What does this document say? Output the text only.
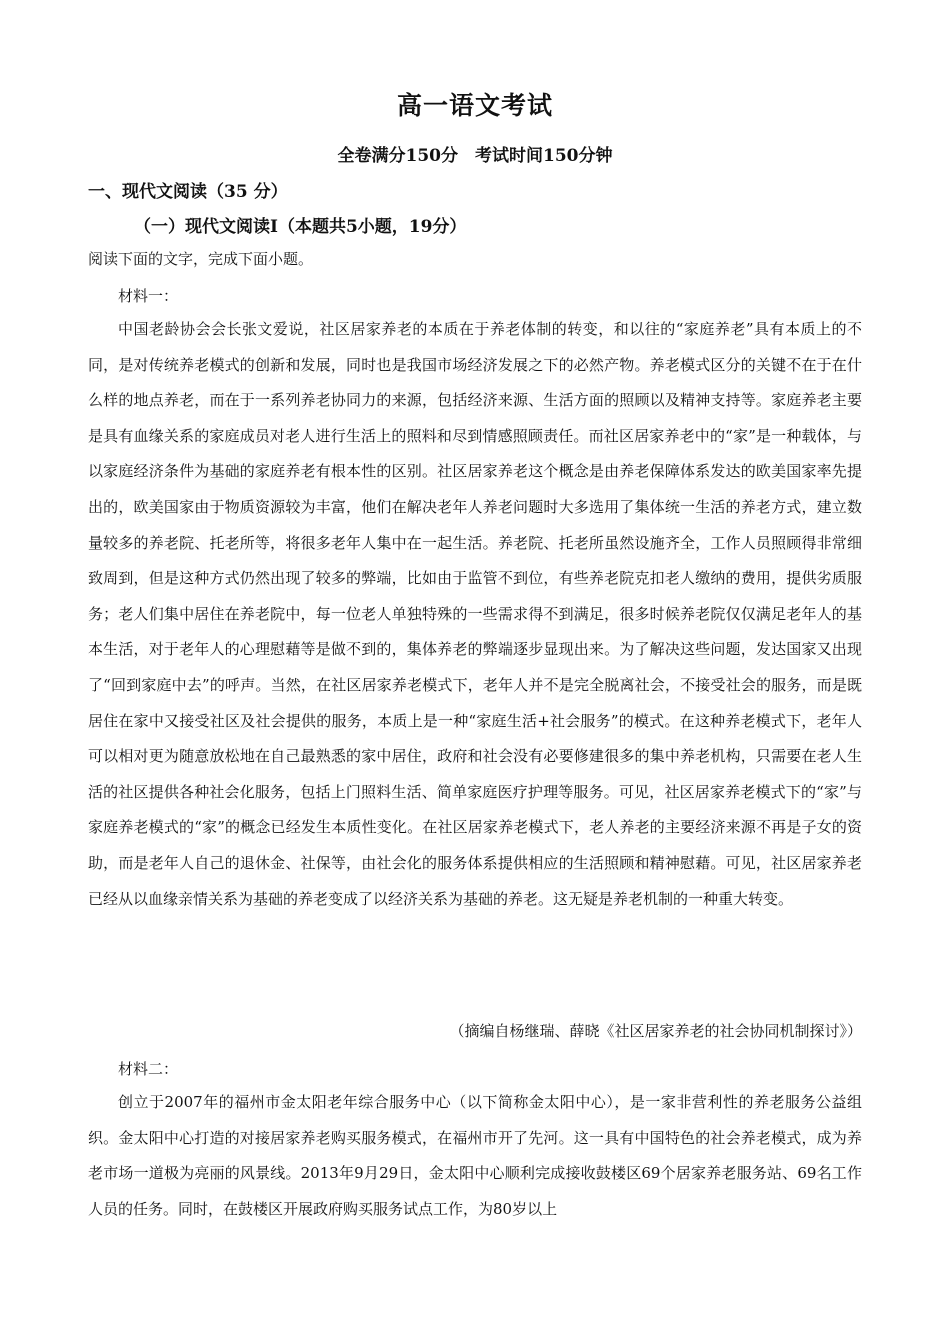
高一语文考试
全卷满分150分　考试时间150分钟
一、现代文阅读（35 分）
（一）现代文阅读Ⅰ（本题共5小题，19分）
阅读下面的文字，完成下面小题。
材料一：

中国老龄协会会长张文爱说，社区居家养老的本质在于养老体制的转变，和以往的“家庭养老”具有本质上的不同，是对传统养老模式的创新和发展，同时也是我国市场经济发展之下的必然产物。养老模式区分的关键不在于在什么样的地点养老，而在于一系列养老协同力的来源，包括经济来源、生活方面的照顾以及精神支持等。家庭养老主要是具有血缘关系的家庭成员对老人进行生活上的照料和尽到情感照顾责任。而社区居家养老中的“家”是一种载体，与以家庭经济条件为基础的家庭养老有根本性的区别。社区居家养老这个概念是由养老保障体系发达的欧美国家率先提出的，欧美国家由于物质资源较为丰富，他们在解决老年人养老问题时大多选用了集体统一生活的养老方式，建立数量较多的养老院、托老所等，将很多老年人集中在一起生活。养老院、托老所虽然设施齐全，工作人员照顾得非常细致周到，但是这种方式仍然出现了较多的弊端，比如由于监管不到位，有些养老院克扣老人缴纳的费用，提供劣质服务；老人们集中居住在养老院中，每一位老人单独特殊的一些需求得不到满足，很多时候养老院仅仅满足老年人的基本生活，对于老年人的心理慰藉等是做不到的，集体养老的弊端逐步显现出来。为了解决这些问题，发达国家又出现了“回到家庭中去”的呼声。当然，在社区居家养老模式下，老年人并不是完全脱离社会，不接受社会的服务，而是既居住在家中又接受社区及社会提供的服务，本质上是一种“家庭生活+社会服务”的模式。在这种养老模式下，老年人可以相对更为随意放松地在自己最熟悉的家中居住，政府和社会没有必要修建很多的集中养老机构，只需要在老人生活的社区提供各种社会化服务，包括上门照料生活、简单家庭医疗护理等服务。可见，社区居家养老模式下的“家”与家庭养老模式的“家”的概念已经发生本质性变化。在社区居家养老模式下，老人养老的主要经济来源不再是子女的资助，而是老年人自己的退休金、社保等，由社会化的服务体系提供相应的生活照顾和精神慰藉。可见，社区居家养老已经从以血缘亲情关系为基础的养老变成了以经济关系为基础的养老。这无疑是养老机制的一种重大转变。

（摘编自杨继瑞、薛晓《社区居家养老的社会协同机制探讨》）
材料二：

创立于2007年的福州市金太阳老年综合服务中心（以下简称金太阳中心），是一家非营利性的养老服务公益组织。金太阳中心打造的对接居家养老购买服务模式，在福州市开了先河。这一具有中国特色的社会养老模式，成为养老市场一道极为亮丽的风景线。2013年9月29日，金太阳中心顺利完成接收鼓楼区69个居家养老服务站、69名工作人员的任务。同时，在鼓楼区开展政府购买服务试点工作，为80岁以上
